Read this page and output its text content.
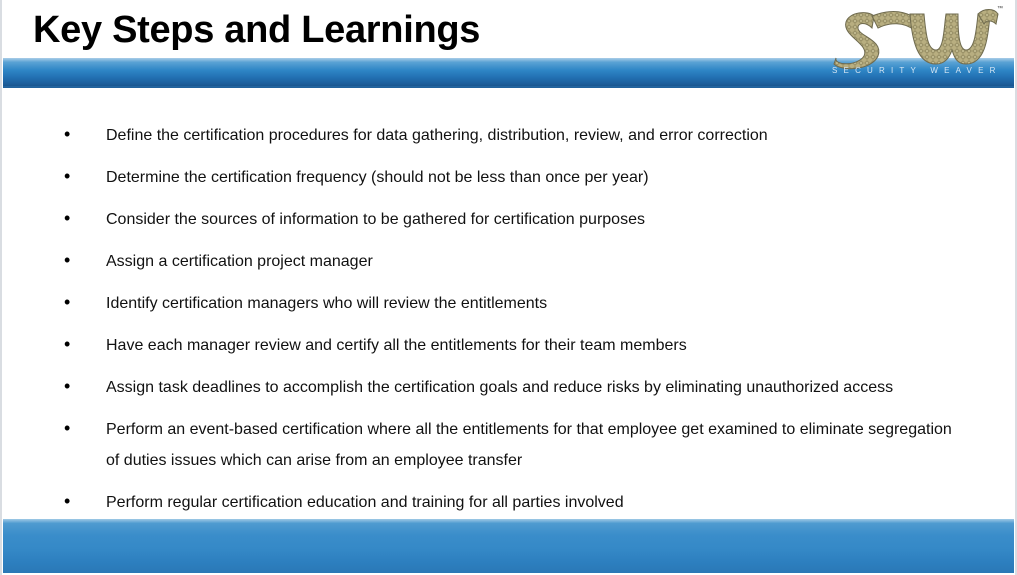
Key Steps and Learnings	™
SECURITY WEAVER
• Define the certification procedures for data gathering, distribution, review, and error correction
• Determine the certification frequency (should not be less than once per year)
• Consider the sources of information to be gathered for certification purposes
• Assign a certification project manager
• Identify certification managers who will review the entitlements
• Have each manager review and certify all the entitlements for their team members
• Assign task deadlines to accomplish the certification goals and reduce risks by eliminating unauthorized access
• Perform an event-based certification where all the entitlements for that employee get examined to eliminate segregation of duties issues which can arise from an employee transfer
• Perform regular certification education and training for all parties involved
